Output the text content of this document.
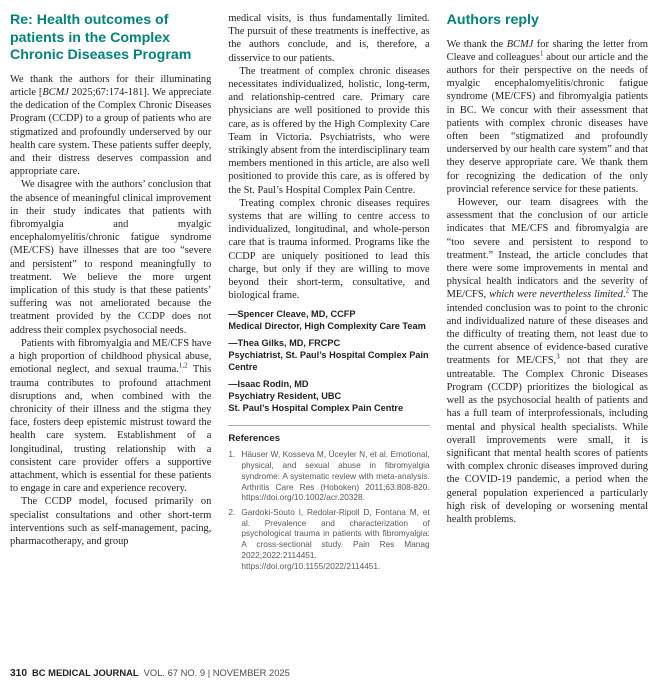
Re: Health outcomes of patients in the Complex Chronic Diseases Program

We thank the authors for their illuminating article [BCMJ 2025;67:174-181]. We appreciate the dedication of the Complex Chronic Diseases Program (CCDP) to a group of patients who are stigmatized and profoundly underserved by our health care system. These patients suffer deeply, and their distress deserves compassion and appropriate care.

We disagree with the authors’ conclusion that the absence of meaningful clinical improvement in their study indicates that patients with fibromyalgia and myalgic encephalomyelitis/chronic fatigue syndrome (ME/CFS) have illnesses that are too “severe and persistent” to respond meaningfully to treatment. We believe the more urgent implication of this study is that these patients’ suffering was not ameliorated because the treatment provided by the CCDP does not address their complex psychosocial needs.

Patients with fibromyalgia and ME/CFS have a high proportion of childhood physical abuse, emotional neglect, and sexual trauma.$^{1,2}$ This trauma contributes to profound attachment disruptions and, when combined with the chronicity of their illness and the stigma they face, fosters deep epistemic mistrust toward the health care system. Establishment of a longitudinal, trusting relationship with a consistent care provider offers a supportive attachment, which is essential for these patients to engage in care and experience recovery.

The CCDP model, focused primarily on specialist consultations and other short-term interventions such as self-management, pacing, pharmacotherapy, and group

medical visits, is thus fundamentally limited. The pursuit of these treatments is ineffective, as the authors conclude, and is, therefore, a disservice to our patients.

The treatment of complex chronic diseases necessitates individualized, holistic, long-term, and relationship-centred care. Primary care physicians are well positioned to provide this care, as is offered by the High Complexity Care Team in Victoria. Psychiatrists, who were strikingly absent from the interdisciplinary team members mentioned in this article, are also well positioned to provide this care, as is offered by the St. Paul’s Hospital Complex Pain Centre.

Treating complex chronic diseases requires systems that are willing to centre access to individualized, longitudinal, and whole-person care that is trauma informed. Programs like the CCDP are uniquely positioned to lead this charge, but only if they are willing to move beyond their short-term, consultative, and biological frame.

—Spencer Cleave, MD, CCFP

Medical Director, High Complexity Care Team

—Thea Gilks, MD, FRCPC

Psychiatrist, St. Paul’s Hospital Complex Pain Centre

—Isaac Rodin, MD

Psychiatry Resident, UBC

St. Paul’s Hospital Complex Pain Centre

References
1. Häuser W, Kosseva M, Üceyler N, et al. Emotional, physical, and sexual abuse in fibromyalgia syndrome: A systematic review with meta-analysis. Arthritis Care Res (Hoboken) 2011;63:808-820. https://doi.org/10.1002/acr.20328.
2. Gardoki-Souto I, Redolar-Ripoll D, Fontana M, et al. Prevalence and characterization of psychological trauma in patients with fibromyalgia: A cross-sectional study. Pain Res Manag 2022;2022:2114451. https://doi.org/10.1155/2022/2114451.
Authors reply

We thank the BCMJ for sharing the letter from Cleave and colleagues$^1$ about our article and the authors for their perspective on the needs of myalgic encephalomyelitis/chronic fatigue syndrome (ME/CFS) and fibromyalgia patients in BC. We concur with their assessment that patients with complex chronic diseases have often been “stigmatized and profoundly underserved by our health care system” and that they deserve appropriate care. We thank them for recognizing the dedication of the only provincial reference service for these patients.

However, our team disagrees with the assessment that the conclusion of our article indicates that ME/CFS and fibromyalgia are “too severe and persistent to respond to treatment.” Instead, the article concludes that there were some improvements in mental and physical health indicators and the severity of ME/CFS, which were nevertheless limited.$^2$ The intended conclusion was to point to the chronic and individualized nature of these diseases and the difficulty of treating them, not least due to the current absence of evidence-based curative treatments for ME/CFS,$^3$ not that they are untreatable. The Complex Chronic Diseases Program (CCDP) prioritizes the biological as well as the psychosocial health of patients and has a full team of interprofessionals, including mental and physical health specialists. While overall improvements were small, it is significant that mental health scores of patients with complex chronic diseases improved during the COVID-19 pandemic, a period when the general population experienced a particularly high risk of developing or worsening mental health problems.

310 BC MEDICAL JOURNAL VOL. 67 NO. 9 | NOVEMBER 2025
